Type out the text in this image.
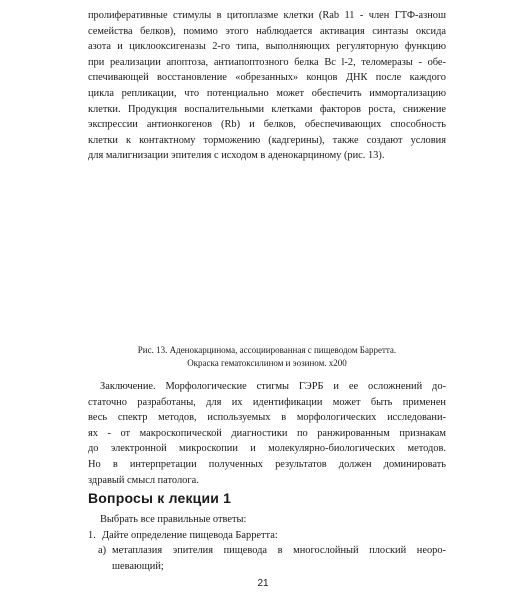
пролиферативные стимулы в цитоплазме клетки (Rab 11 - член ГТФ-азнош
семейства белков), помимо этого наблюдается активация синтазы оксида
азота и циклооксигеназы 2-го типа, выполняющих регуляторную функцию
при реализации апоптоза, антиапоптозного белка Bc l-2, теломеразы - обе-
спечивающей восстановление «обрезанных» концов ДНК после каждого
цикла репликации, что потенциально может обеспечить иммортализацию
клетки. Продукция воспалительными клетками факторов роста, снижение
экспрессии антионкогенов (Rb) и белков, обеспечивающих способность
клетки к контактному торможению (кадгерины), также создают условия
для малигнизации эпителия с исходом в аденокарциному (рис. 13).
Рис. 13. Аденокарцинома, ассоциированная с пищеводом Барретта.
Окраска гематоксилином и эозином. х200
Заключение. Морфологические стигмы ГЭРБ и ее осложнений до-
статочно разработаны, для их идентификации может быть применен
весь спектр методов, используемых в морфологических исследовани-
ях - от макроскопической диагностики по ранжированным признакам
до электронной микроскопии и молекулярно-биологических методов.
Но в интерпретации полученных результатов должен доминировать
здравый смысл патолога.
Вопросы к лекции 1
Выбрать все правильные ответы:
1. Дайте определение пищевода Барретта:
а) метаплазия эпителия пищевода в многослойный плоский неоро-
шевающий;
21
